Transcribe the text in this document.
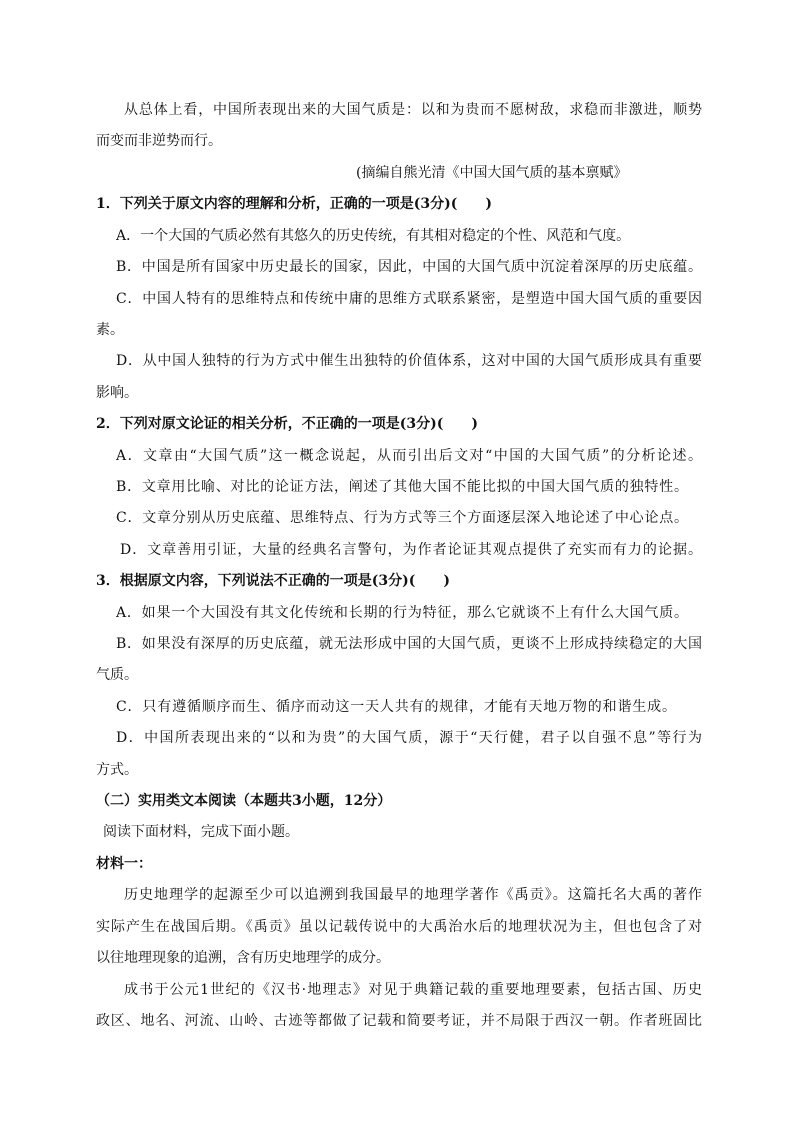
从总体上看，中国所表现出来的大国气质是：以和为贵而不愿树敌，求稳而非激进，顺势
而变而非逆势而行。
(摘编自熊光清《中国大国气质的基本禀赋》
1．下列关于原文内容的理解和分析，正确的一项是(3分)(　　)
A．一个大国的气质必然有其悠久的历史传统，有其相对稳定的个性、风范和气度。
B．中国是所有国家中历史最长的国家，因此，中国的大国气质中沉淀着深厚的历史底蕴。
C．中国人特有的思维特点和传统中庸的思维方式联系紧密，是塑造中国大国气质的重要因
素。
D．从中国人独特的行为方式中催生出独特的价值体系，这对中国的大国气质形成具有重要
影响。
2．下列对原文论证的相关分析，不正确的一项是(3分)(　　)
A．文章由“大国气质”这一概念说起，从而引出后文对“中国的大国气质”的分析论述。
B．文章用比喻、对比的论证方法，阐述了其他大国不能比拟的中国大国气质的独特性。
C．文章分别从历史底蕴、思维特点、行为方式等三个方面逐层深入地论述了中心论点。
D．文章善用引证，大量的经典名言警句，为作者论证其观点提供了充实而有力的论据。
3．根据原文内容，下列说法不正确的一项是(3分)(　　)
A．如果一个大国没有其文化传统和长期的行为特征，那么它就谈不上有什么大国气质。
B．如果没有深厚的历史底蕴，就无法形成中国的大国气质，更谈不上形成持续稳定的大国
气质。
C．只有遵循顺序而生、循序而动这一天人共有的规律，才能有天地万物的和谐生成。
D．中国所表现出来的“以和为贵”的大国气质，源于“天行健，君子以自强不息”等行为
方式。
（二）实用类文本阅读（本题共3小题，12分）
阅读下面材料，完成下面小题。
材料一：
历史地理学的起源至少可以追溯到我国最早的地理学著作《禹贡》。这篇托名大禹的著作
实际产生在战国后期。《禹贡》虽以记载传说中的大禹治水后的地理状况为主，但也包含了对
以往地理现象的追溯，含有历史地理学的成分。
成书于公元1世纪的《汉书·地理志》对见于典籍记载的重要地理要素，包括古国、历史
政区、地名、河流、山岭、古迹等都做了记载和简要考证，并不局限于西汉一朝。作者班固比
